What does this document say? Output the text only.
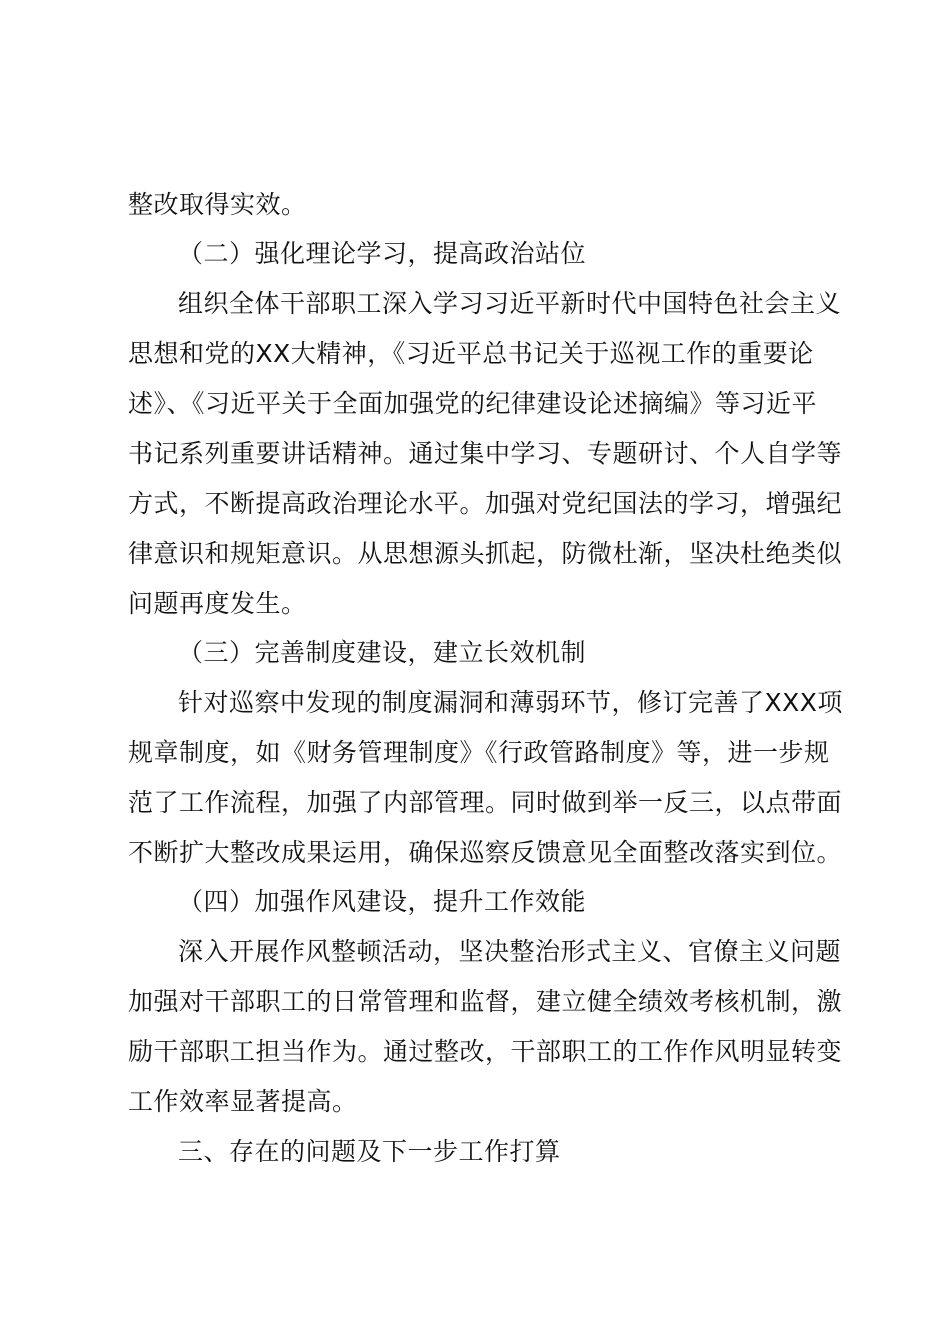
整改取得实效。
（二）强化理论学习，提高政治站位
组织全体干部职工深入学习习近平新时代中国特色社会主义
思想和党的XX大精神，《习近平总书记关于巡视工作的重要论
述》、《习近平关于全面加强党的纪律建设论述摘编》等习近平
书记系列重要讲话精神。通过集中学习、专题研讨、个人自学等
方式，不断提高政治理论水平。加强对党纪国法的学习，增强纪
律意识和规矩意识。从思想源头抓起，防微杜渐，坚决杜绝类似
问题再度发生。
（三）完善制度建设，建立长效机制
针对巡察中发现的制度漏洞和薄弱环节，修订完善了XXX项
规章制度，如《财务管理制度》《行政管路制度》等，进一步规
范了工作流程，加强了内部管理。同时做到举一反三，以点带面
不断扩大整改成果运用，确保巡察反馈意见全面整改落实到位。
（四）加强作风建设，提升工作效能
深入开展作风整顿活动，坚决整治形式主义、官僚主义问题
加强对干部职工的日常管理和监督，建立健全绩效考核机制，激
励干部职工担当作为。通过整改，干部职工的工作作风明显转变
工作效率显著提高。
三、存在的问题及下一步工作打算
